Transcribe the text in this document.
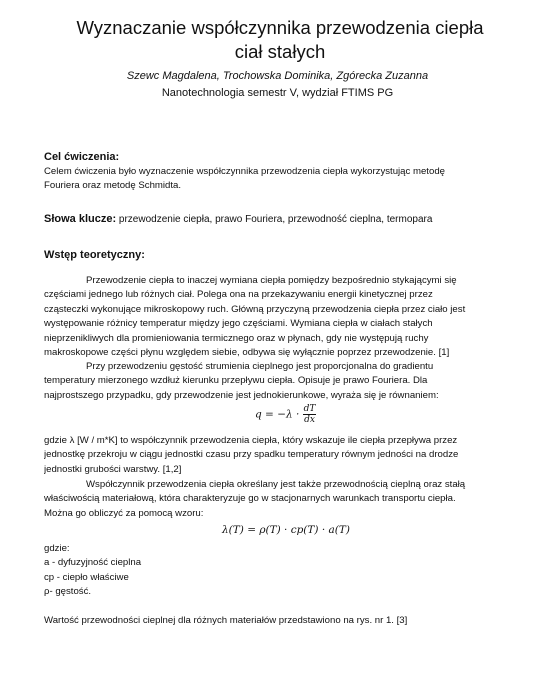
Wyznaczanie współczynnika przewodzenia ciepła
ciał stałych
Szewc Magdalena, Trochowska Dominika, Zgórecka Zuzanna
Nanotechnologia semestr V, wydział FTIMS PG
Cel ćwiczenia:
Celem ćwiczenia było wyznaczenie współczynnika przewodzenia ciepła wykorzystując metodę
Fouriera oraz metodę Schmidta.
Słowa klucze: przewodzenie ciepła, prawo Fouriera, przewodność cieplna, termopara
Wstęp teoretyczny:
Przewodzenie ciepła to inaczej wymiana ciepła pomiędzy bezpośrednio stykającymi się
częściami jednego lub różnych ciał. Polega ona na przekazywaniu energii kinetycznej przez
cząsteczki wykonujące mikroskopowy ruch. Główną przyczyną przewodzenia ciepła przez ciało jest
występowanie różnicy temperatur między jego częściami. Wymiana ciepła w ciałach stałych
nieprzenikliwych dla promieniowania termicznego oraz w płynach, gdy nie występują ruchy
makroskopowe części płynu względem siebie, odbywa się wyłącznie poprzez przewodzenie. [1]
Przy przewodzeniu gęstość strumienia cieplnego jest proporcjonalna do gradientu
temperatury mierzonego wzdłuż kierunku przepływu ciepła. Opisuje je prawo Fouriera. Dla
najprostszego przypadku, gdy przewodzenie jest jednokierunkowe, wyraża się je równaniem:
$q = -\lambda \cdot \frac{dT}{dx}$
gdzie λ [W / m*K] to współczynnik przewodzenia ciepła, który wskazuje ile ciepła przepływa przez
jednostkę przekroju w ciągu jednostki czasu przy spadku temperatury równym jedności na drodze
jednostki grubości warstwy. [1,2]
Współczynnik przewodzenia ciepła określany jest także przewodnością cieplną oraz stałą
właściwością materiałową, która charakteryzuje go w stacjonarnych warunkach transportu ciepła.
Można go obliczyć za pomocą wzoru:
λ(T) = ρ(T) · cp(T) · a(T)
gdzie:
a - dyfuzyjność cieplna
cp - ciepło właściwe
ρ- gęstość.
Wartość przewodności cieplnej dla różnych materiałów przedstawiono na rys. nr 1. [3]
